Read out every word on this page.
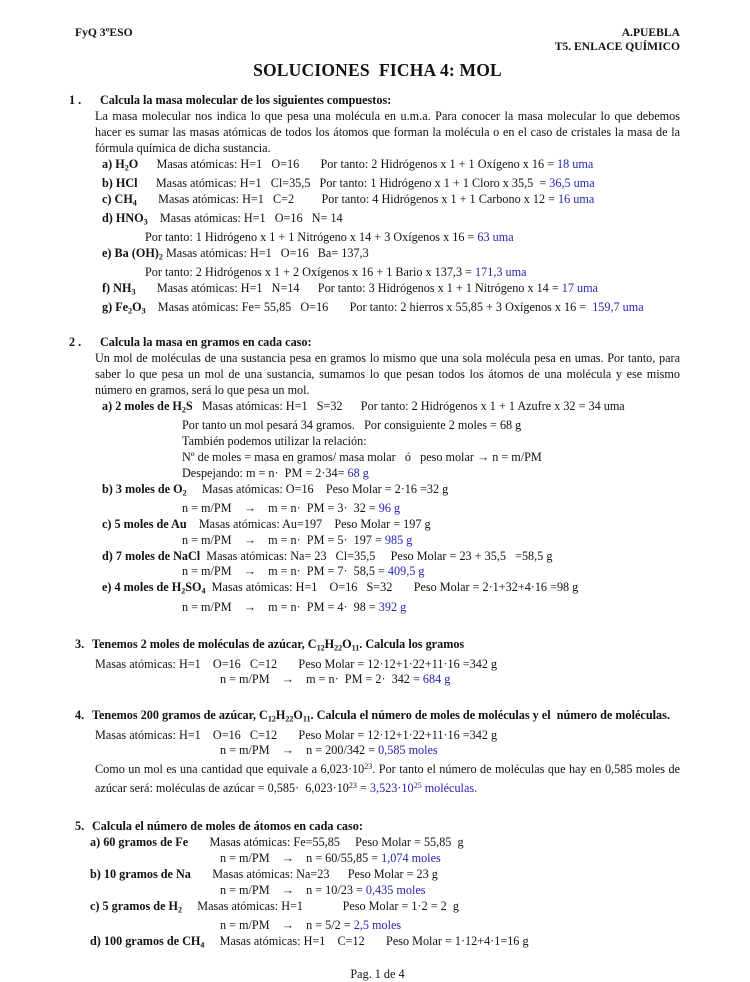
FyQ 3ºESO	A.PUEBLA
T5. ENLACE QUÍMICO
SOLUCIONES  FICHA 4: MOL
1 . Calcula la masa molecular de los siguientes compuestos:
La masa molecular nos indica lo que pesa una molécula en u.m.a. Para conocer la masa molecular lo que debemos hacer es sumar las masas atómicas de todos los átomos que forman la molécula o en el caso de cristales la masa de la fórmula química de dicha sustancia.
a) $H_2O$      Masas atómicas: H=1   O=16       Por tanto: 2 Hidrógenos x 1 + 1 Oxígeno x 16 = 18 uma
b) HCl      Masas atómicas: H=1   Cl=35,5   Por tanto: 1 Hidrógeno x 1 + 1 Cloro x 35,5  = 36,5 uma
c) $CH_4$       Masas atómicas: H=1   C=2         Por tanto: 4 Hidrógenos x 1 + 1 Carbono x 12 = 16 uma
d) $HNO_3$    Masas atómicas: H=1   O=16   N= 14
Por tanto: 1 Hidrógeno x 1 + 1 Nitrógeno x 14 + 3 Oxígenos x 16 = 63 uma
e) Ba $(OH)_2$ Masas atómicas: H=1   O=16   Ba= 137,3
Por tanto: 2 Hidrógenos x 1 + 2 Oxígenos x 16 + 1 Bario x 137,3 = 171,3 uma
f) $NH_3$       Masas atómicas: H=1   N=14      Por tanto: 3 Hidrógenos x 1 + 1 Nitrógeno x 14 = 17 uma
g) $Fe_2O_3$    Masas atómicas: Fe= 55,85   O=16       Por tanto: 2 hierros x 55,85 + 3 Oxígenos x 16 =  159,7 uma
2 . Calcula la masa en gramos en cada caso:
Un mol de moléculas de una sustancia pesa en gramos lo mismo que una sola molécula pesa en umas. Por tanto, para saber lo que pesa un mol de una sustancia, sumamos lo que pesan todos los átomos de una molécula y ese mismo número en gramos, será lo que pesa un mol.
a) 2 moles de $H_2S$   Masas atómicas: H=1   S=32      Por tanto: 2 Hidrógenos x 1 + 1 Azufre x 32 = 34 uma
Por tanto un mol pesará 34 gramos.   Por consiguiente 2 moles = 68 g
También podemos utilizar la relación:
Nº de moles = masa en gramos/ masa molar   ó   peso molar → n = m/PM
Despejando: m = n·  PM = 2·34= 68 g
b) 3 moles de $O_2$     Masas atómicas: O=16    Peso Molar = 2·16 =32 g
n = m/PM    →    m = n·  PM = 3·  32 = 96 g
c) 5 moles de Au    Masas atómicas: Au=197    Peso Molar = 197 g
n = m/PM    →    m = n·  PM = 5·  197 = 985 g
d) 7 moles de NaCl  Masas atómicas: Na= 23   Cl=35,5     Peso Molar = 23 + 35,5   =58,5 g
n = m/PM    →    m = n·  PM = 7·  58,5 = 409,5 g
e) 4 moles de $H_2SO_4$  Masas atómicas: H=1    O=16   S=32       Peso Molar = 2·1+32+4·16 =98 g
n = m/PM    →    m = n·  PM = 4·  98 = 392 g
3. Tenemos 2 moles de moléculas de azúcar, $C_{12}H_{22}O_{11}$. Calcula los gramos
Masas atómicas: H=1    O=16   C=12       Peso Molar = 12·12+1·22+11·16 =342 g
n = m/PM    →    m = n·  PM = 2·  342 = 684 g
4. Tenemos 200 gramos de azúcar, $C_{12}H_{22}O_{11}$. Calcula el número de moles de moléculas y el  número de moléculas.
Masas atómicas: H=1    O=16   C=12       Peso Molar = 12·12+1·22+11·16 =342 g
n = m/PM    →    n = 200/342 = 0,585 moles
Como un mol es una cantidad que equivale a $6,023\cdot 10^{23}$. Por tanto el número de moléculas que hay en 0,585 moles de azúcar será: moléculas de azúcar = $0,585\cdot 6,023\cdot 10^{23} = 3,523\cdot 10^{25}$ moléculas.
5. Calcula el número de moles de átomos en cada caso:
a) 60 gramos de Fe       Masas atómicas: Fe=55,85     Peso Molar = 55,85  g
n = m/PM    →    n = 60/55,85 = 1,074 moles
b) 10 gramos de Na       Masas atómicas: Na=23      Peso Molar = 23 g
n = m/PM    →    n = 10/23 = 0,435 moles
c) 5 gramos de $H_2$     Masas atómicas: H=1             Peso Molar = 1·2 = 2  g
n = m/PM    →    n = 5/2 = 2,5 moles
d) 100 gramos de $CH_4$     Masas atómicas: H=1    C=12       Peso Molar = 1·12+4·1=16 g
Pag. 1 de 4
